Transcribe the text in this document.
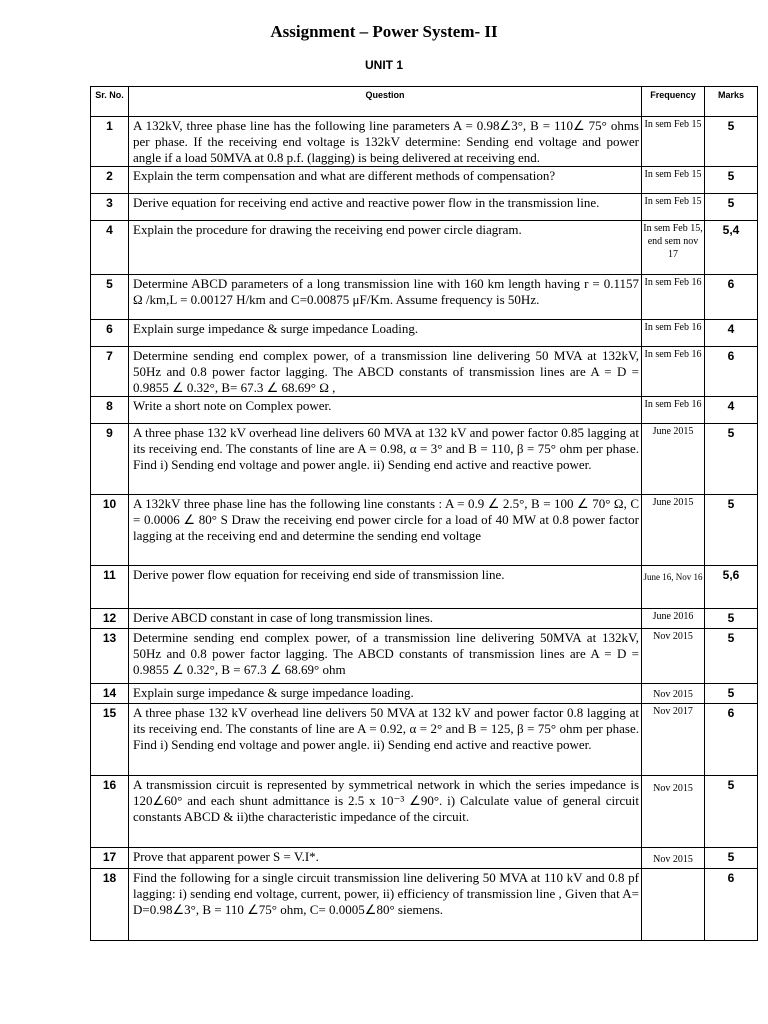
Assignment – Power System- II
UNIT 1
Sr. No.	Question	Frequency	Marks
1	A 132kV, three phase line has the following line parameters A = 0.98∠3°, B = 110∠ 75° ohms per phase. If the receiving end voltage is 132kV determine: Sending end voltage and power angle if a load 50MVA at 0.8 p.f. (lagging) is being delivered at receiving end.	In sem Feb 15	5
2	Explain the term compensation and what are different methods of compensation?	In sem Feb 15	5
3	Derive equation for receiving end active and reactive power flow in the transmission line.	In sem Feb 15	5
4	Explain the procedure for drawing the receiving end power circle diagram.	In sem Feb 15, end sem nov 17	5,4
5	Determine ABCD parameters of a long transmission line with 160 km length having r = 0.1157 Ω /km,L = 0.00127 H/km and C=0.00875 μF/Km. Assume frequency is 50Hz.	In sem Feb 16	6
6	Explain surge impedance & surge impedance Loading.	In sem Feb 16	4
7	Determine sending end complex power, of a transmission line delivering 50 MVA at 132kV, 50Hz and 0.8 power factor lagging. The ABCD constants of transmission lines are A = D = 0.9855 ∠ 0.32°, B= 67.3 ∠ 68.69° Ω ,	In sem Feb 16	6
8	Write a short note on Complex power.	In sem Feb 16	4
9	A three phase 132 kV overhead line delivers 60 MVA at 132 kV and power factor 0.85 lagging at its receiving end. The constants of line are A = 0.98, α = 3° and B = 110, β = 75° ohm per phase. Find i) Sending end voltage and power angle. ii) Sending end active and reactive power.	June 2015	5
10	A 132kV three phase line has the following line constants : A = 0.9 ∠ 2.5°, B = 100 ∠ 70° Ω, C = 0.0006 ∠ 80° S Draw the receiving end power circle for a load of 40 MW at 0.8 power factor lagging at the receiving end and determine the sending end voltage	June 2015	5
11	Derive power flow equation for receiving end side of transmission line.	June 16, Nov 16	5,6
12	Derive ABCD constant in case of long transmission lines.	June 2016	5
13	Determine sending end complex power, of a transmission line delivering 50MVA at 132kV, 50Hz and 0.8 power factor lagging. The ABCD constants of transmission lines are A = D = 0.9855 ∠ 0.32°, B = 67.3 ∠ 68.69° ohm	Nov 2015	5
14	Explain surge impedance & surge impedance loading.	Nov 2015	5
15	A three phase 132 kV overhead line delivers 50 MVA at 132 kV and power factor 0.8 lagging at its receiving end. The constants of line are A = 0.92, α = 2° and B = 125, β = 75° ohm per phase. Find i) Sending end voltage and power angle. ii) Sending end active and reactive power.	Nov 2017	6
16	A transmission circuit is represented by symmetrical network in which the series impedance is 120∠60° and each shunt admittance is 2.5 x 10⁻³ ∠90°. i) Calculate value of general circuit constants ABCD & ii)the characteristic impedance of the circuit.	Nov 2015	5
17	Prove that apparent power S = V.I*.	Nov 2015	5
18	Find the following for a single circuit transmission line delivering 50 MVA at 110 kV and 0.8 pf lagging: i) sending end voltage, current, power, ii) efficiency of transmission line , Given that A= D=0.98∠3°, B = 110 ∠75° ohm, C= 0.0005∠80° siemens.		6
